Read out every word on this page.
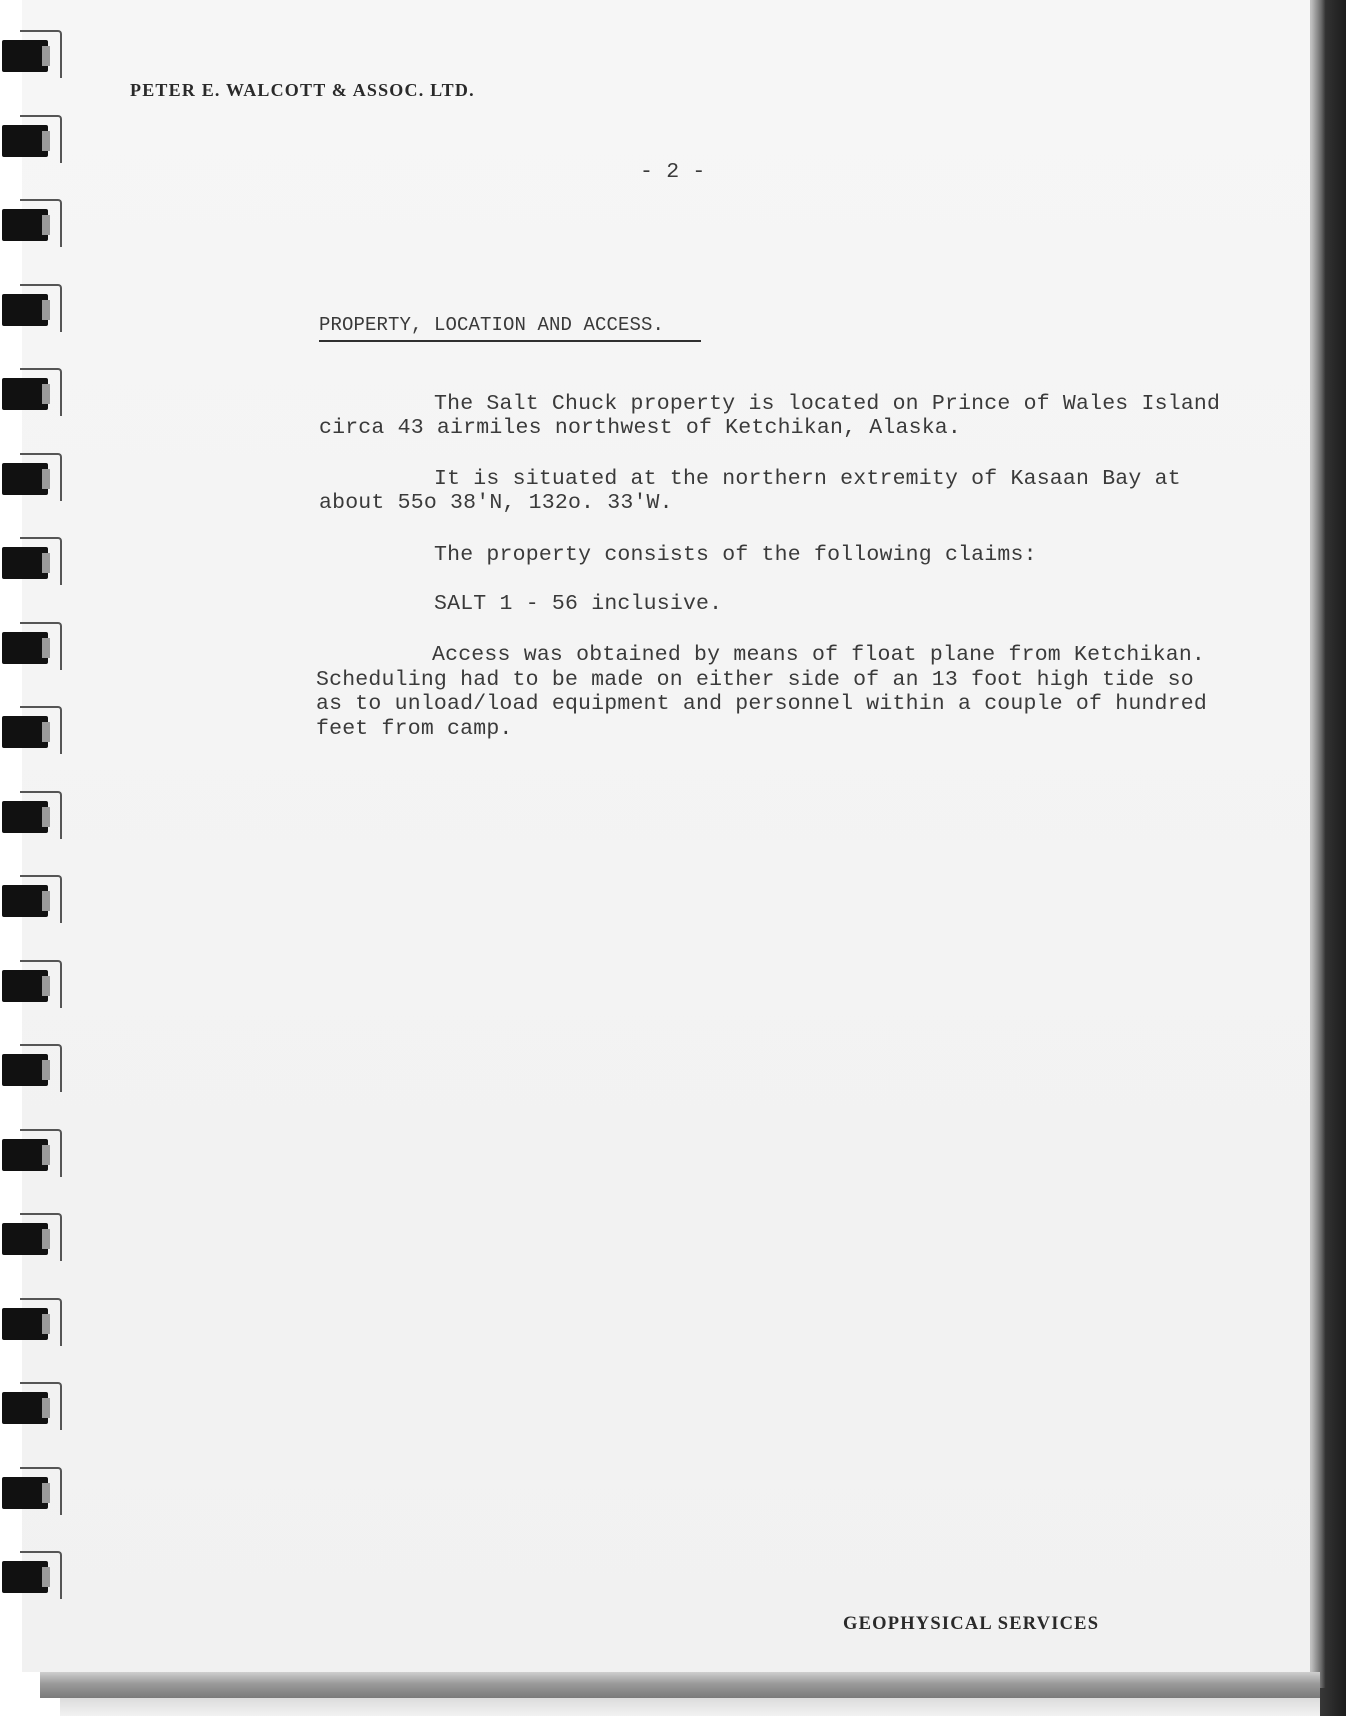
PETER E. WALCOTT & ASSOC. LTD.
- 2 -
PROPERTY, LOCATION AND ACCESS.
The Salt Chuck property is located on Prince of Wales Island
circa 43 airmiles northwest of Ketchikan, Alaska.
It is situated at the northern extremity of Kasaan Bay at
about 55o 38'N, 132o. 33'W.
The property consists of the following claims:
SALT 1 - 56 inclusive.
Access was obtained by means of float plane from Ketchikan.
Scheduling had to be made on either side of an 13 foot high tide so
as to unload/load equipment and personnel within a couple of hundred
feet from camp.
GEOPHYSICAL SERVICES
